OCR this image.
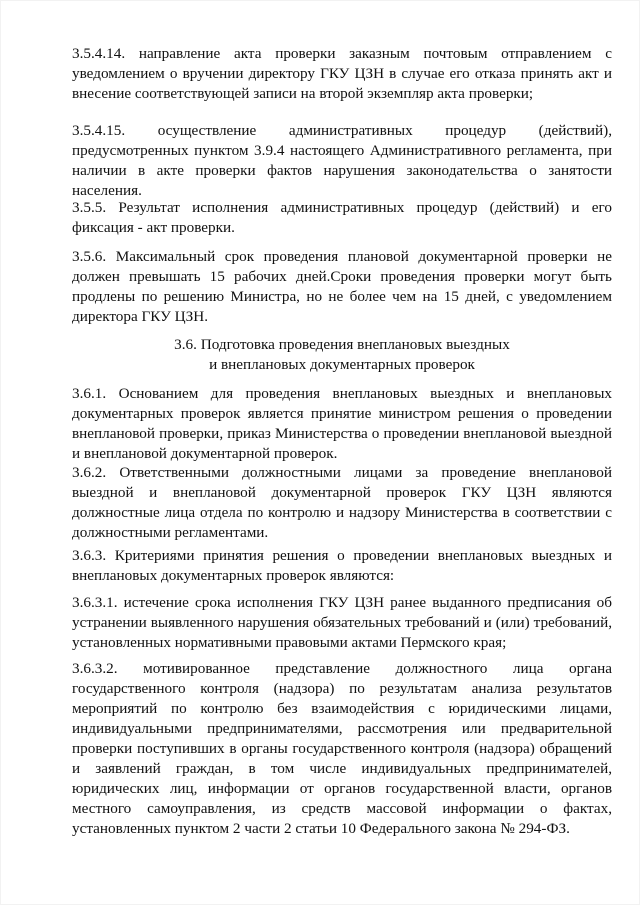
3.5.4.14. направление акта проверки заказным почтовым отправлением с уведомлением о вручении директору ГКУ ЦЗН в случае его отказа принять акт и внесение соответствующей записи на второй экземпляр акта проверки;
3.5.4.15. осуществление административных процедур (действий), предусмотренных пунктом 3.9.4 настоящего Административного регламента, при наличии в акте проверки фактов нарушения законодательства о занятости населения.
3.5.5. Результат исполнения административных процедур (действий) и его фиксация - акт проверки.
3.5.6. Максимальный срок проведения плановой документарной проверки не должен превышать 15 рабочих дней.Сроки проведения проверки могут быть продлены по решению Министра, но не более чем на 15 дней, с уведомлением директора ГКУ ЦЗН.
3.6. Подготовка проведения внеплановых выездных
и внеплановых документарных проверок
3.6.1. Основанием для проведения внеплановых выездных и внеплановых документарных проверок является принятие министром решения о проведении внеплановой проверки, приказ Министерства о проведении внеплановой выездной и внеплановой документарной проверок.
3.6.2. Ответственными должностными лицами за проведение внеплановой выездной и внеплановой документарной проверок ГКУ ЦЗН являются должностные лица отдела по контролю и надзору Министерства в соответствии с должностными регламентами.
3.6.3. Критериями принятия решения о проведении внеплановых выездных и внеплановых документарных проверок являются:
3.6.3.1. истечение срока исполнения ГКУ ЦЗН ранее выданного предписания об устранении выявленного нарушения обязательных требований и (или) требований, установленных нормативными правовыми актами Пермского края;
3.6.3.2. мотивированное представление должностного лица органа государственного контроля (надзора) по результатам анализа результатов мероприятий по контролю без взаимодействия с юридическими лицами, индивидуальными предпринимателями, рассмотрения или предварительной проверки поступивших в органы государственного контроля (надзора) обращений и заявлений граждан, в том числе индивидуальных предпринимателей, юридических лиц, информации от органов государственной власти, органов местного самоуправления, из средств массовой информации о фактах, установленных пунктом 2 части 2 статьи 10 Федерального закона № 294-ФЗ.
